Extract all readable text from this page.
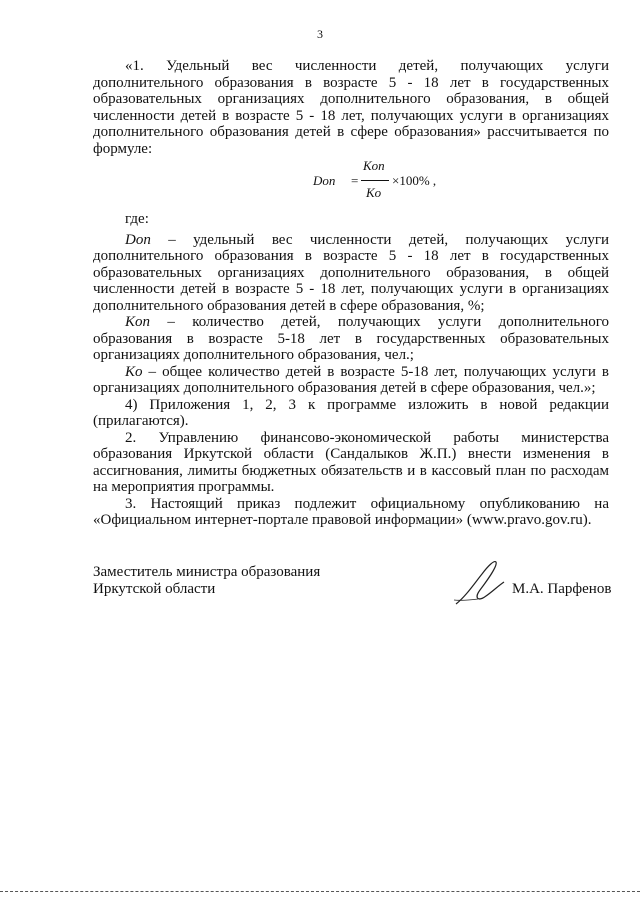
3

«1. Удельный вес численности детей, получающих услуги дополнительного образования в возрасте 5 - 18 лет в государственных образовательных организациях дополнительного образования, в общей численности детей в возрасте 5 - 18 лет, получающих услуги в организациях дополнительного образования детей в сфере образования» рассчитывается по формуле:

Dоп =
Kоп
Kо
×100% ,

где:

Dоп – удельный вес численности детей, получающих услуги дополнительного образования в возрасте 5 - 18 лет в государственных образовательных организациях дополнительного образования, в общей численности детей в возрасте 5 - 18 лет, получающих услуги в организациях дополнительного образования детей в сфере образования, %;

Kоп – количество детей, получающих услуги дополнительного образования в возрасте 5-18 лет в государственных образовательных организациях дополнительного образования, чел.;

Kо – общее количество детей в возрасте 5-18 лет, получающих услуги в организациях дополнительного образования детей в сфере образования, чел.»;

4) Приложения 1, 2, 3 к программе изложить в новой редакции (прилагаются).

2. Управлению финансово-экономической работы министерства образования Иркутской области (Сандалыков Ж.П.) внести изменения в ассигнования, лимиты бюджетных обязательств и в кассовый план по расходам на мероприятия программы.

3. Настоящий приказ подлежит официальному опубликованию на «Официальном интернет-портале правовой информации» (www.pravo.gov.ru).

Заместитель министра образования
Иркутской области	М.А. Парфенов
